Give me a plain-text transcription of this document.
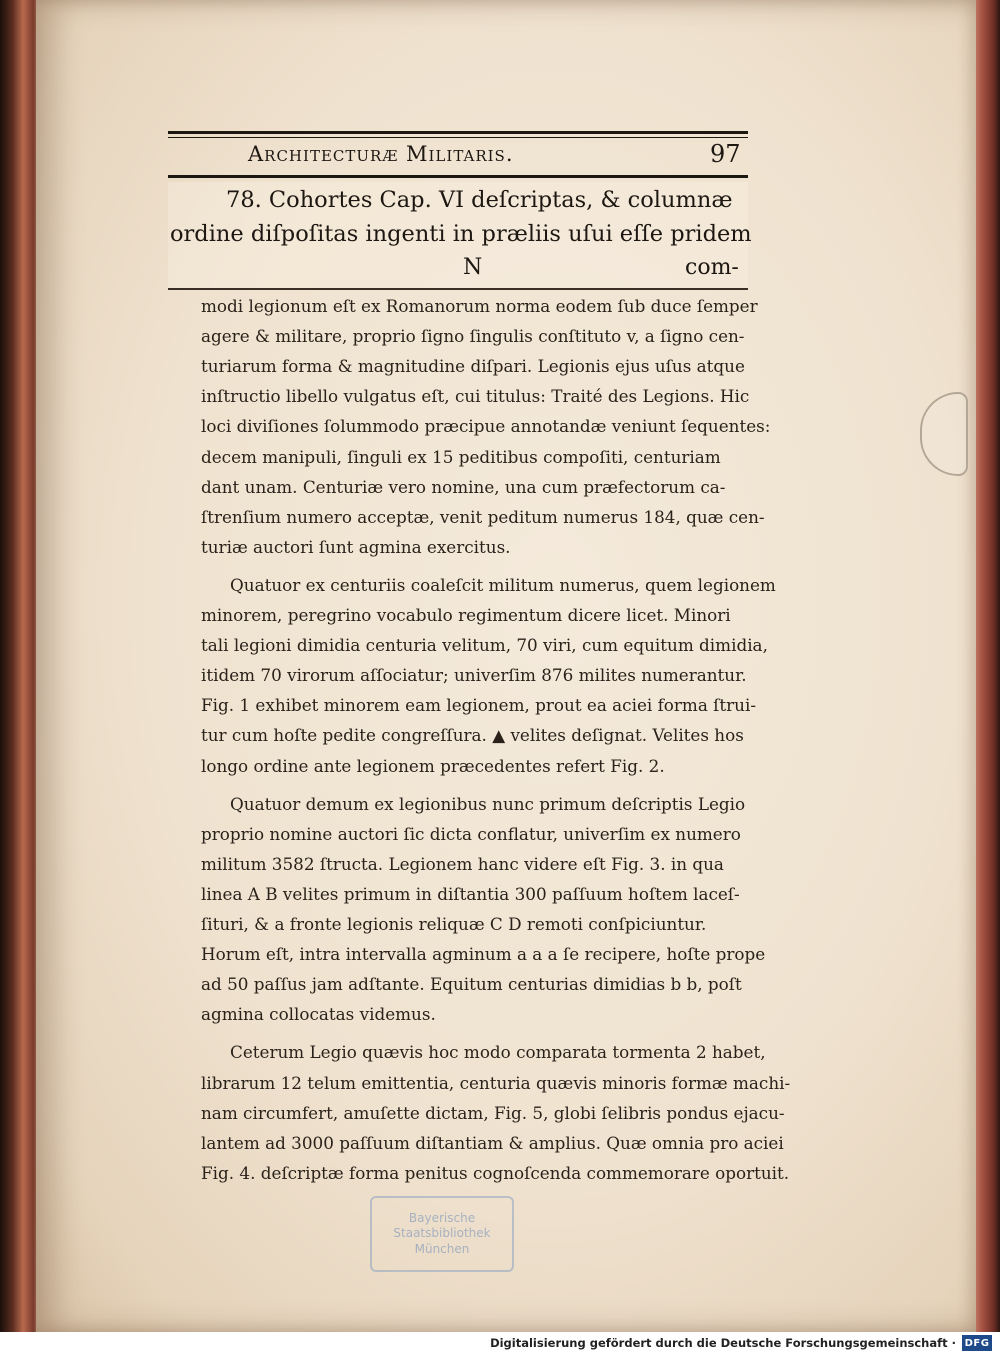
Architecturæ Militaris.	97
78. Cohortes Cap. VI deſcriptas, & columnæ
ordine diſpoſitas ingenti in præliis uſui eſſe pridem
N	com-
modi legionum eſt ex Romanorum norma eodem ſub duce ſemper
agere & militare, proprio ſigno ſingulis conſtituto v, a ſigno cen-
turiarum forma & magnitudine diſpari. Legionis ejus uſus atque
inſtructio libello vulgatus eſt, cui titulus: Traité des Legions. Hic
loci diviſiones ſolummodo præcipue annotandæ veniunt ſequentes:
decem manipuli, ſinguli ex 15 peditibus compoſiti, centuriam
dant unam. Centuriæ vero nomine, una cum præfectorum ca-
ſtrenſium numero acceptæ, venit peditum numerus 184, quæ cen-
turiæ auctori ſunt agmina exercitus.
Quatuor ex centuriis coaleſcit militum numerus, quem legionem
minorem, peregrino vocabulo regimentum dicere licet. Minori
tali legioni dimidia centuria velitum, 70 viri, cum equitum dimidia,
itidem 70 virorum aſſociatur; univerſim 876 milites numerantur.
Fig. 1 exhibet minorem eam legionem, prout ea aciei forma ſtrui-
tur cum hoſte pedite congreſſura. ▲ velites deſignat. Velites hos
longo ordine ante legionem præcedentes refert Fig. 2.
Quatuor demum ex legionibus nunc primum deſcriptis Legio
proprio nomine auctori ſic dicta conflatur, univerſim ex numero
militum 3582 ſtructa. Legionem hanc videre eſt Fig. 3. in qua
linea A B velites primum in diſtantia 300 paſſuum hoſtem laceſ-
ſituri, & a fronte legionis reliquæ C D remoti conſpiciuntur.
Horum eſt, intra intervalla agminum a a a ſe recipere, hoſte prope
ad 50 paſſus jam adſtante. Equitum centurias dimidias b b, poſt
agmina collocatas videmus.
Ceterum Legio quævis hoc modo comparata tormenta 2 habet,
librarum 12 telum emittentia, centuria quævis minoris formæ machi-
nam circumfert, amuſette dictam, Fig. 5, globi ſelibris pondus ejacu-
lantem ad 3000 paſſuum diſtantiam & amplius. Quæ omnia pro aciei
Fig. 4. deſcriptæ forma penitus cognoſcenda commemorare oportuit.
Bayerische
Staatsbibliothek
München
Digitalisierung gefördert durch die Deutsche Forschungsgemeinschaft · DFG
